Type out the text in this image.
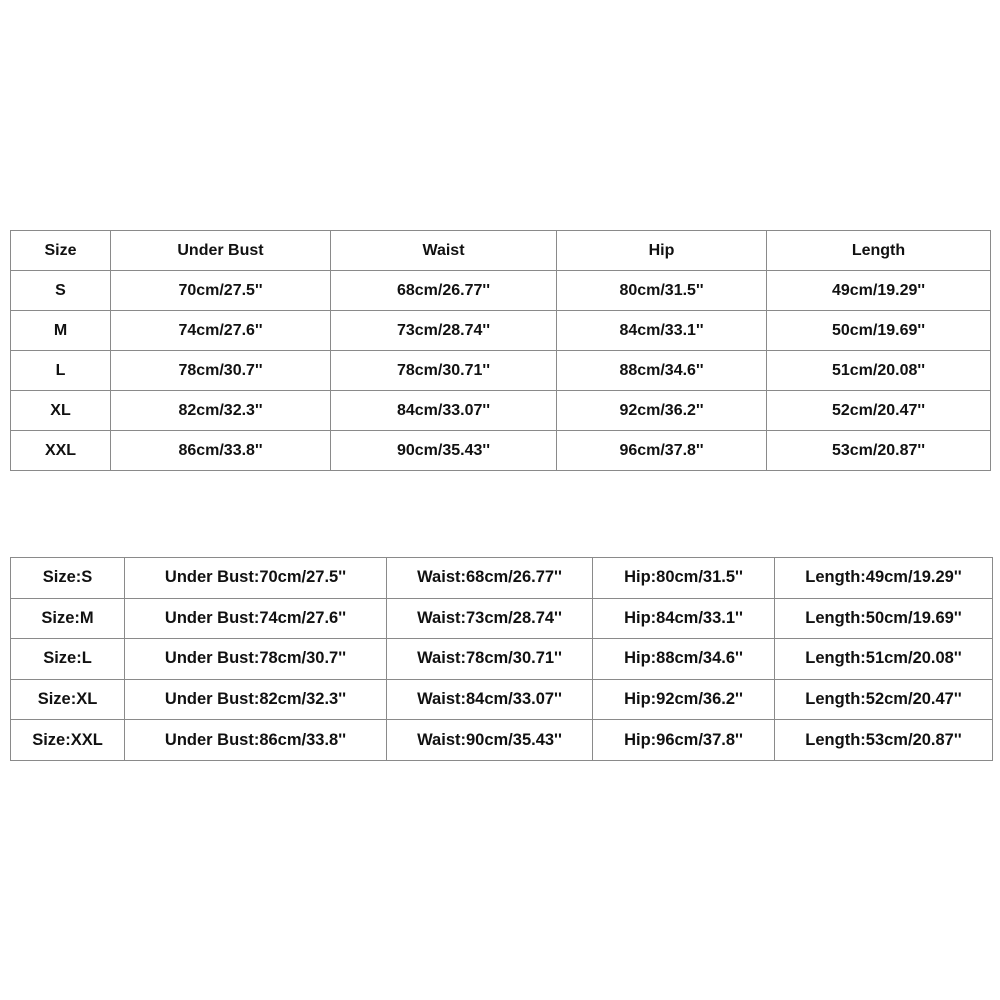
Size	Under Bust	Waist	Hip	Length
S	70cm/27.5''	68cm/26.77''	80cm/31.5''	49cm/19.29''
M	74cm/27.6''	73cm/28.74''	84cm/33.1''	50cm/19.69''
L	78cm/30.7''	78cm/30.71''	88cm/34.6''	51cm/20.08''
XL	82cm/32.3''	84cm/33.07''	92cm/36.2''	52cm/20.47''
XXL	86cm/33.8''	90cm/35.43''	96cm/37.8''	53cm/20.87''
Size:S	Under Bust:70cm/27.5''	Waist:68cm/26.77''	Hip:80cm/31.5''	Length:49cm/19.29''
Size:M	Under Bust:74cm/27.6''	Waist:73cm/28.74''	Hip:84cm/33.1''	Length:50cm/19.69''
Size:L	Under Bust:78cm/30.7''	Waist:78cm/30.71''	Hip:88cm/34.6''	Length:51cm/20.08''
Size:XL	Under Bust:82cm/32.3''	Waist:84cm/33.07''	Hip:92cm/36.2''	Length:52cm/20.47''
Size:XXL	Under Bust:86cm/33.8''	Waist:90cm/35.43''	Hip:96cm/37.8''	Length:53cm/20.87''
